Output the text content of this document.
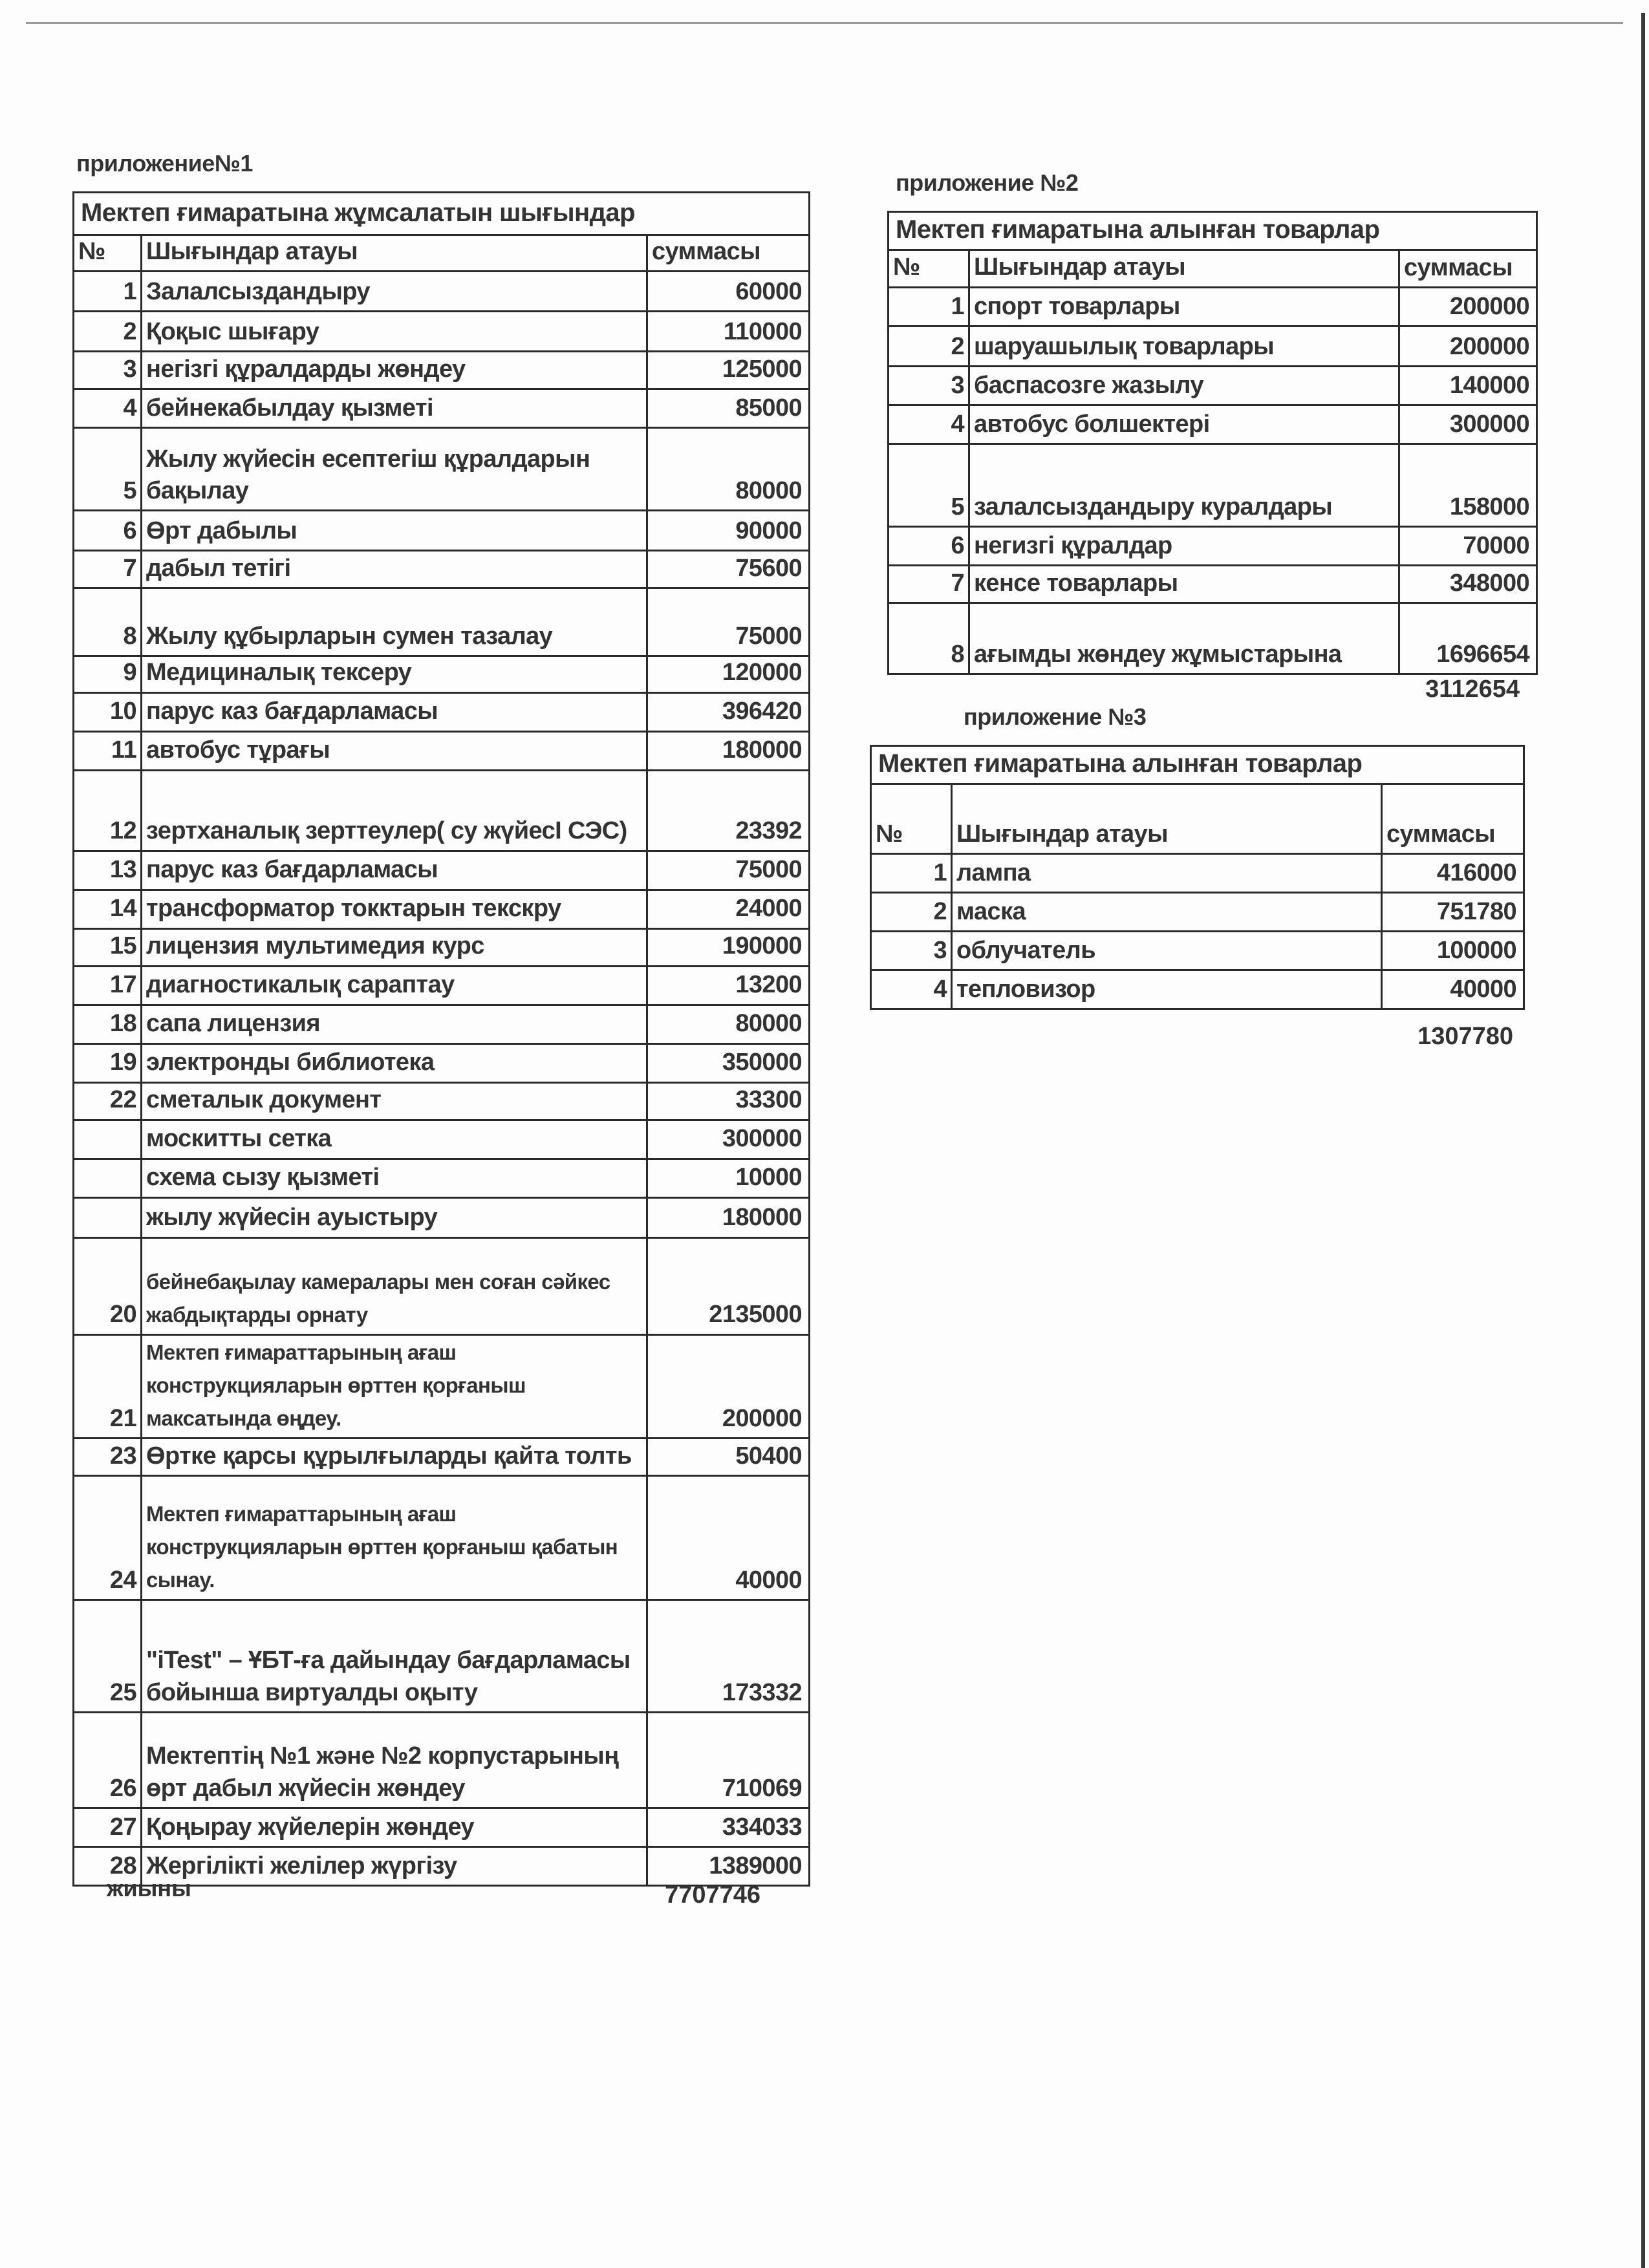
приложение№1
Мектеп ғимаратына жұмсалатын шығындар		
№	Шығындар атауы	суммасы
1	Залалсыздандыру	60000
2	Қоқыс шығару	110000
3	негізгі құралдарды жөндеу	125000
4	бейнекабылдау қызметі	85000
5	Жылу жүйесін есептегіш құралдарын бақылау	80000
6	Өрт дабылы	90000
7	дабыл тетігі	75600
8	Жылу құбырларын сумен тазалау	75000
9	Медициналық тексеру	120000
10	парус каз бағдарламасы	396420
11	автобус тұрағы	180000
12	зертханалық зерттеулер( су жүйесІ СЭС)	23392
13	парус каз бағдарламасы	75000
14	трансформатор токктарын текскру	24000
15	лицензия мультимедия курс	190000
17	диагностикалық сараптау	13200
18	сапа лицензия	80000
19	электронды библиотека	350000
22	сметалык документ	33300
	москитты сетка	300000
	схема сызу қызметі	10000
	жылу жүйесін ауыстыру	180000
20	бейнебақылау камералары мен соған сәйкес жабдықтарды орнату	2135000
21	Мектеп ғимараттарының ағаш конструкцияларын өрттен қорғаныш максатында өңдеу.	200000
23	Өртке қарсы құрылғыларды қайта толть	50400
24	Мектеп ғимараттарының ағаш конструкцияларын өрттен қорғаныш қабатын сынау.	40000
25	"iTest" – ҰБТ-ға дайындау бағдарламасы бойынша виртуалды оқыту	173332
26	Мектептің №1 және №2 корпустарының өрт дабыл жүйесін жөндеу	710069
27	Қоңырау жүйелерін жөндеу	334033
28	Жергілікті желілер жүргізу	1389000
жиыны	7707746
приложение №2
Мектеп ғимаратына алынған товарлар		
№	Шығындар атауы	суммасы
1	спорт товарлары	200000
2	шаруашылық товарлары	200000
3	баспасозге жазылу	140000
4	автобус болшектері	300000
5	залалсыздандыру куралдары	158000
6	негизгі құралдар	70000
7	кенсе товарлары	348000
8	ағымды жөндеу жұмыстарына	1696654
3112654
приложение №3
Мектеп ғимаратына алынған товарлар		
№	Шығындар атауы	суммасы
1	лампа	416000
2	маска	751780
3	облучатель	100000
4	тепловизор	40000
1307780
